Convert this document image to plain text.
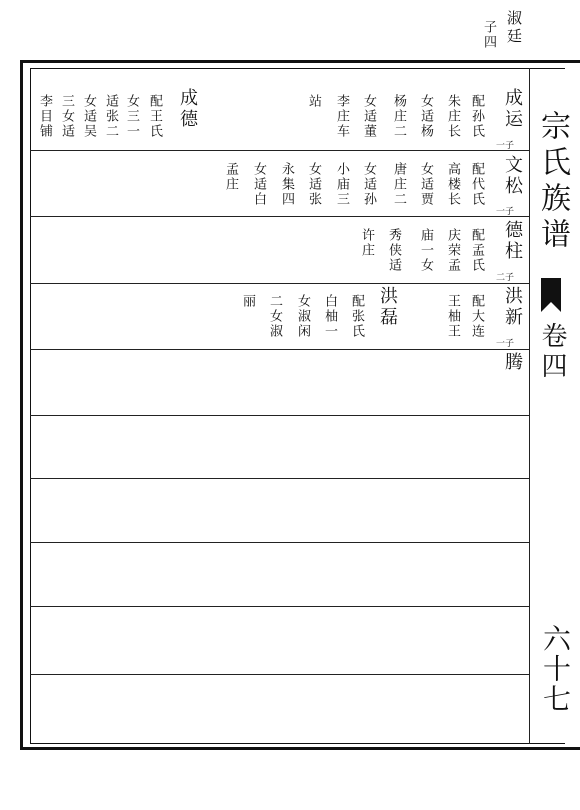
淑廷
子四
宗氏族谱
卷四
六十七
成运
一子
配孙氏
朱庄长
女适杨
杨庄二
女适董
李庄车
站
成德
配王氏
女三一
适张二
女适吴
三女适
李目铺
文松
一子
配代氏
高楼长
女适贾
唐庄二
女适孙
小庙三
女适张
永集四
女适白
孟庄
德柱
二子
配孟氏
庆荣孟
庙一女
秀侠适
许庄
洪新
一子
配大连
王柚王
洪磊
配张氏
白柚一
女淑闲
二女淑
丽
腾
